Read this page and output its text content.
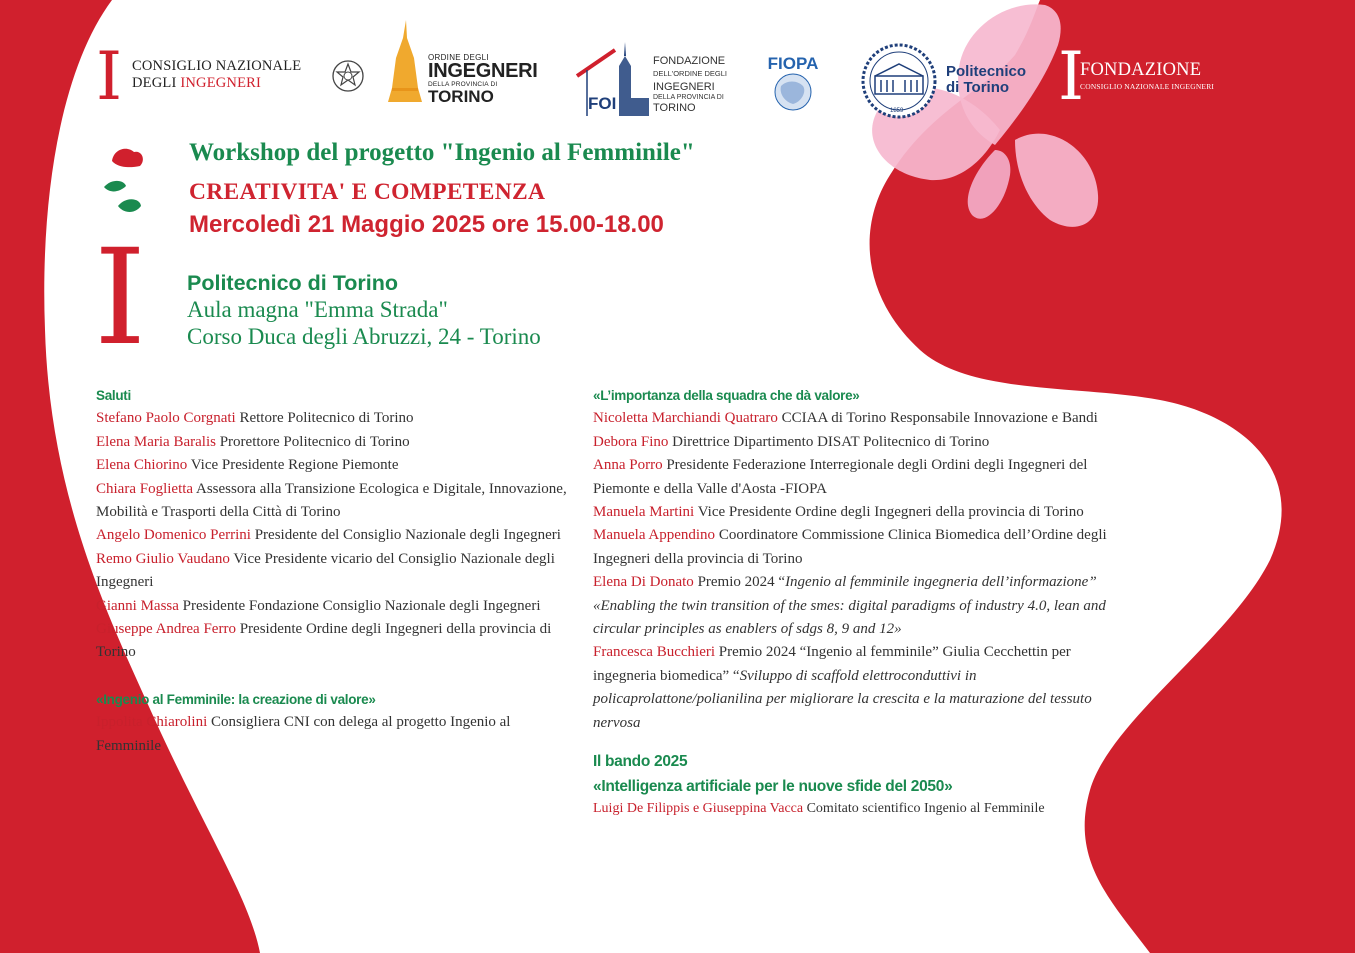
I CONSIGLIO NAZIONALE
DEGLI INGEGNERI
ORDINE DEGLI
INGEGNERI
DELLA PROVINCIA DI
TORINO	FOI
FONDAZIONE
DELL'ORDINE DEGLI
INGEGNERI
DELLA PROVINCIA DI
TORINO
FIOPA
1859
Politecnico
di Torino I
FONDAZIONE
CONSIGLIO NAZIONALE INGEGNERI
I
Workshop del progetto "Ingenio al Femminile"
CREATIVITA' E COMPETENZA
Mercoledì 21 Maggio 2025 ore 15.00-18.00
Politecnico di Torino
Aula magna "Emma Strada"
Corso Duca degli Abruzzi, 24 - Torino
Saluti

Stefano Paolo Corgnati Rettore Politecnico di Torino

Elena Maria Baralis Prorettore Politecnico di Torino

Elena Chiorino Vice Presidente Regione Piemonte

Chiara Foglietta Assessora alla Transizione Ecologica e Digitale, Innovazione, Mobilità e Trasporti della Città di Torino

Angelo Domenico Perrini Presidente del Consiglio Nazionale degli Ingegneri

Remo Giulio Vaudano Vice Presidente vicario del Consiglio Nazionale degli Ingegneri

Gianni Massa Presidente Fondazione Consiglio Nazionale degli Ingegneri

Giuseppe Andrea Ferro Presidente Ordine degli Ingegneri della provincia di Torino

«Ingenio al Femminile: la creazione di valore»

Ippolita Chiarolini Consigliera CNI con delega al progetto Ingenio al Femminile

«L’importanza della squadra che dà valore»

Nicoletta Marchiandi Quatraro CCIAA di Torino Responsabile Innovazione e Bandi

Debora Fino Direttrice Dipartimento DISAT Politecnico di Torino

Anna Porro Presidente Federazione Interregionale degli Ordini degli Ingegneri del Piemonte e della Valle d'Aosta -FIOPA

Manuela Martini Vice Presidente Ordine degli Ingegneri della provincia di Torino

Manuela Appendino Coordinatore Commissione Clinica Biomedica dell’Ordine degli Ingegneri della provincia di Torino

Elena Di Donato Premio 2024 “Ingenio al femminile ingegneria dell’informazione” «Enabling the twin transition of the smes: digital paradigms of industry 4.0, lean and circular principles as enablers of sdgs 8, 9 and 12»

Francesca Bucchieri Premio 2024 “Ingenio al femminile” Giulia Cecchettin per ingegneria biomedica” “Sviluppo di scaffold elettroconduttivi in policaprolattone/polianilina per migliorare la crescita e la maturazione del tessuto nervosa

Il bando 2025
«Intelligenza artificiale per le nuove sfide del 2050»

Luigi De Filippis e Giuseppina Vacca Comitato scientifico Ingenio al Femminile
